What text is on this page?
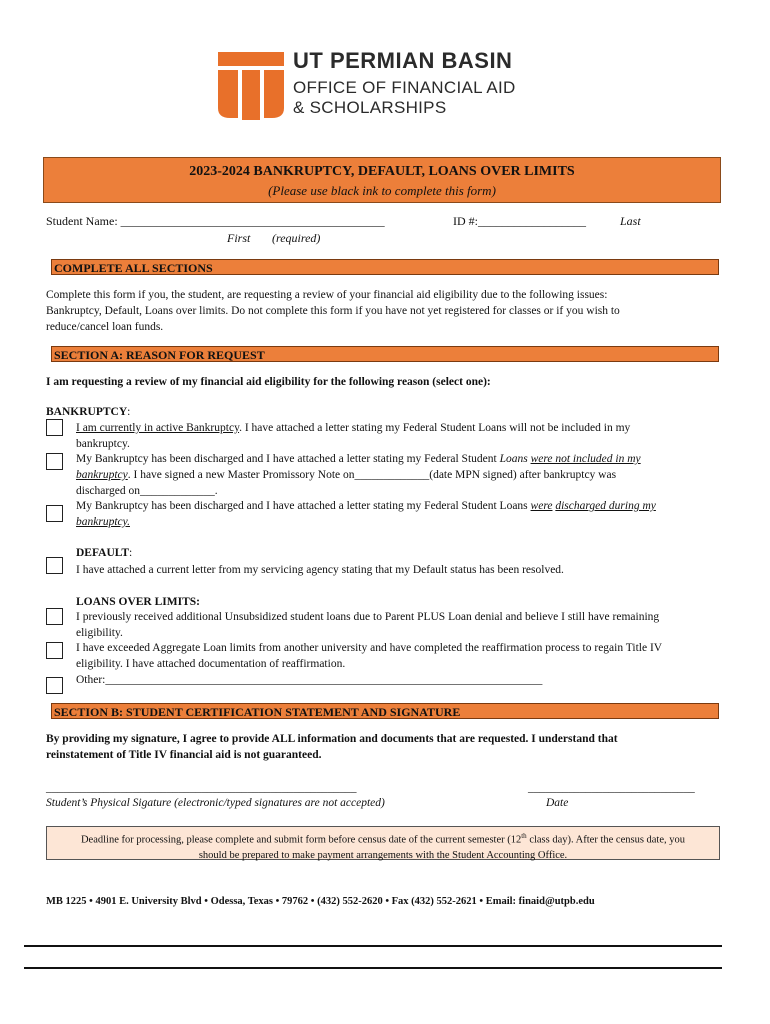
UT PERMIAN BASIN
OFFICE OF FINANCIAL AID
& SCHOLARSHIPS
2023-2024 BANKRUPTCY, DEFAULT, LOANS OVER LIMITS
(Please use black ink to complete this form)
Student Name: ____________________________________________	ID #:__________________	Last
First (required)
COMPLETE ALL SECTIONS
Complete this form if you, the student, are requesting a review of your financial aid eligibility due to the following issues:
Bankruptcy, Default, Loans over limits. Do not complete this form if you have not yet registered for classes or if you wish to
reduce/cancel loan funds.
SECTION A: REASON FOR REQUEST
I am requesting a review of my financial aid eligibility for the following reason (select one):
BANKRUPTCY:
I am currently in active Bankruptcy. I have attached a letter stating my Federal Student Loans will not be included in my
bankruptcy.
My Bankruptcy has been discharged and I have attached a letter stating my Federal Student Loans were not included in my
bankruptcy. I have signed a new Master Promissory Note on_____________(date MPN signed) after bankruptcy was
discharged on_____________.
My Bankruptcy has been discharged and I have attached a letter stating my Federal Student Loans were discharged during my
bankruptcy.
DEFAULT:
I have attached a current letter from my servicing agency stating that my Default status has been resolved.
LOANS OVER LIMITS:
I previously received additional Unsubsidized student loans due to Parent PLUS Loan denial and believe I still have remaining
eligibility.
I have exceeded Aggregate Loan limits from another university and have completed the reaffirmation process to regain Title IV
eligibility. I have attached documentation of reaffirmation.
Other:____________________________________________________________________________
SECTION B: STUDENT CERTIFICATION STATEMENT AND SIGNATURE
By providing my signature, I agree to provide ALL information and documents that are requested. I understand that
reinstatement of Title IV financial aid is not guaranteed.
______________________________________________________
Student’s Physical Sigature (electronic/typed signatures are not accepted)
_____________________________
Date
Deadline for processing, please complete and submit form before census date of the current semester (12th class day). After the census date, you
should be prepared to make payment arrangements with the Student Accounting Office.
MB 1225 • 4901 E. University Blvd • Odessa, Texas • 79762 • (432) 552-2620 • Fax (432) 552-2621 • Email: finaid@utpb.edu
